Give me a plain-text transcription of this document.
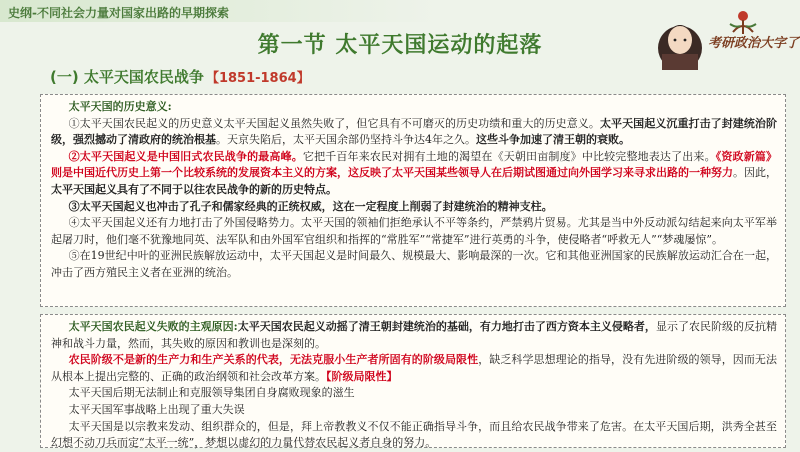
史纲-不同社会力量对国家出路的早期探索
第一节 太平天国运动的起落	考研政治大字了
(一) 太平天国农民战争 【1851-1864】

太平天国的历史意义:

①太平天国农民起义的历史意义太平天国起义虽然失败了，但它具有不可磨灭的历史功绩和重大的历史意义。太平天国起义沉重打击了封建统治阶级，强烈撼动了清政府的统治根基。天京失陷后，太平天国余部仍坚持斗争达4年之久。这些斗争加速了清王朝的衰败。

②太平天国起义是中国旧式农民战争的最高峰。它把千百年来农民对拥有土地的渴望在《天朝田亩制度》中比较完整地表达了出来。《资政新篇》则是中国近代历史上第一个比较系统的发展资本主义的方案，这反映了太平天国某些领导人在后期试图通过向外国学习来寻求出路的一种努力。因此，太平天国起义具有了不同于以往农民战争的新的历史特点。

③太平天国起义也冲击了孔子和儒家经典的正统权威，这在一定程度上削弱了封建统治的精神支柱。

④太平天国起义还有力地打击了外国侵略势力。太平天国的领袖们拒绝承认不平等条约，严禁鸦片贸易。尤其是当中外反动派勾结起来向太平军举起屠刀时，他们毫不犹豫地同英、法军队和由外国军官组织和指挥的“常胜军”“常捷军”进行英勇的斗争，使侵略者“呼救无人”“梦魂屡惊”。

⑤在19世纪中叶的亚洲民族解放运动中，太平天国起义是时间最久、规模最大、影响最深的一次。它和其他亚洲国家的民族解放运动汇合在一起，冲击了西方殖民主义者在亚洲的统治。

太平天国农民起义失败的主观原因:太平天国农民起义动摇了清王朝封建统治的基础，有力地打击了西方资本主义侵略者，显示了农民阶级的反抗精神和战斗力量，然而，其失败的原因和教训也是深刻的。

农民阶级不是新的生产力和生产关系的代表，无法克服小生产者所固有的阶级局限性，缺乏科学思想理论的指导，没有先进阶级的领导，因而无法从根本上提出完整的、正确的政治纲领和社会改革方案。【阶级局限性】

太平天国后期无法制止和克服领导集团自身腐败现象的滋生

太平天国军事战略上出现了重大失误

太平天国是以宗教来发动、组织群众的，但是，拜上帝教教义不仅不能正确指导斗争，而且给农民战争带来了危害。在太平天国后期，洪秀全甚至幻想不动刀兵而定“太平一统”，梦想以虚幻的力量代替农民起义者自身的努力。
